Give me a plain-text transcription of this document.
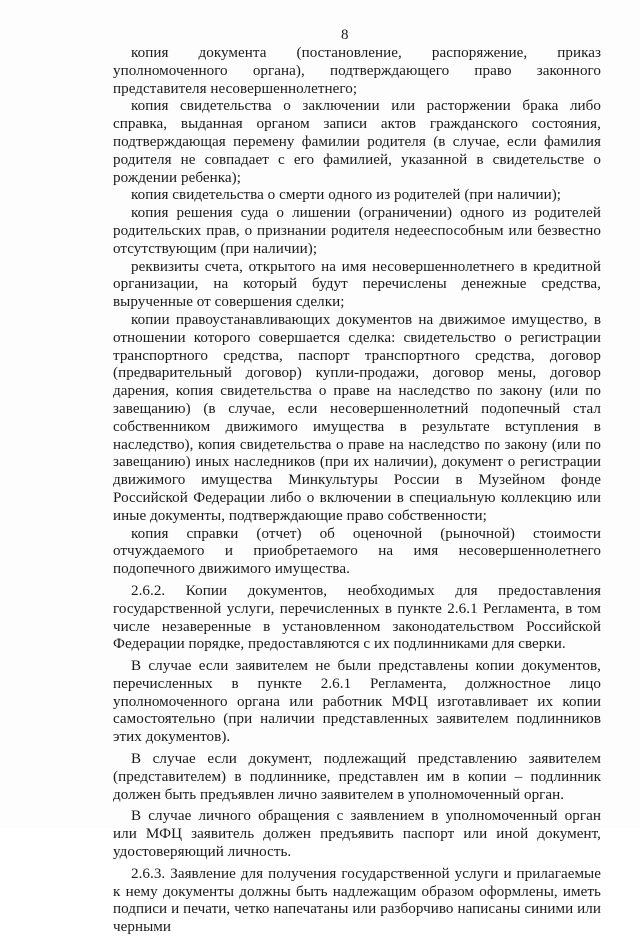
8

копия документа (постановление, распоряжение, приказ уполномоченного органа), подтверждающего право законного представителя несовершеннолетнего;

копия свидетельства о заключении или расторжении брака либо справка, выданная органом записи актов гражданского состояния, подтверждающая перемену фамилии родителя (в случае, если фамилия родителя не совпадает с его фамилией, указанной в свидетельстве о рождении ребенка);

копия свидетельства о смерти одного из родителей (при наличии);

копия решения суда о лишении (ограничении) одного из родителей родительских прав, о признании родителя недееспособным или безвестно отсутствующим (при наличии);

реквизиты счета, открытого на имя несовершеннолетнего в кредитной организации, на который будут перечислены денежные средства, вырученные от совершения сделки;

копии правоустанавливающих документов на движимое имущество, в отношении которого совершается сделка: свидетельство о регистрации транспортного средства, паспорт транспортного средства, договор (предварительный договор) купли-продажи, договор мены, договор дарения, копия свидетельства о праве на наследство по закону (или по завещанию) (в случае, если несовершеннолетний подопечный стал собственником движимого имущества в результате вступления в наследство), копия свидетельства о праве на наследство по закону (или по завещанию) иных наследников (при их наличии), документ о регистрации движимого имущества Минкультуры России в Музейном фонде Российской Федерации либо о включении в специальную коллекцию или иные документы, подтверждающие право собственности;

копия справки (отчет) об оценочной (рыночной) стоимости отчуждаемого и приобретаемого на имя несовершеннолетнего подопечного движимого имущества.

2.6.2. Копии документов, необходимых для предоставления государственной услуги, перечисленных в пункте 2.6.1 Регламента, в том числе незаверенные в установленном законодательством Российской Федерации порядке, предоставляются с их подлинниками для сверки.

В случае если заявителем не были представлены копии документов, перечисленных в пункте 2.6.1 Регламента, должностное лицо уполномоченного органа или работник МФЦ изготавливает их копии самостоятельно (при наличии представленных заявителем подлинников этих документов).

В случае если документ, подлежащий представлению заявителем (представителем) в подлиннике, представлен им в копии – подлинник должен быть предъявлен лично заявителем в уполномоченный орган.

В случае личного обращения с заявлением в уполномоченный орган или МФЦ заявитель должен предъявить паспорт или иной документ, удостоверяющий личность.

2.6.3. Заявление для получения государственной услуги и прилагаемые к нему документы должны быть надлежащим образом оформлены, иметь подписи и печати, четко напечатаны или разборчиво написаны синими или черными
